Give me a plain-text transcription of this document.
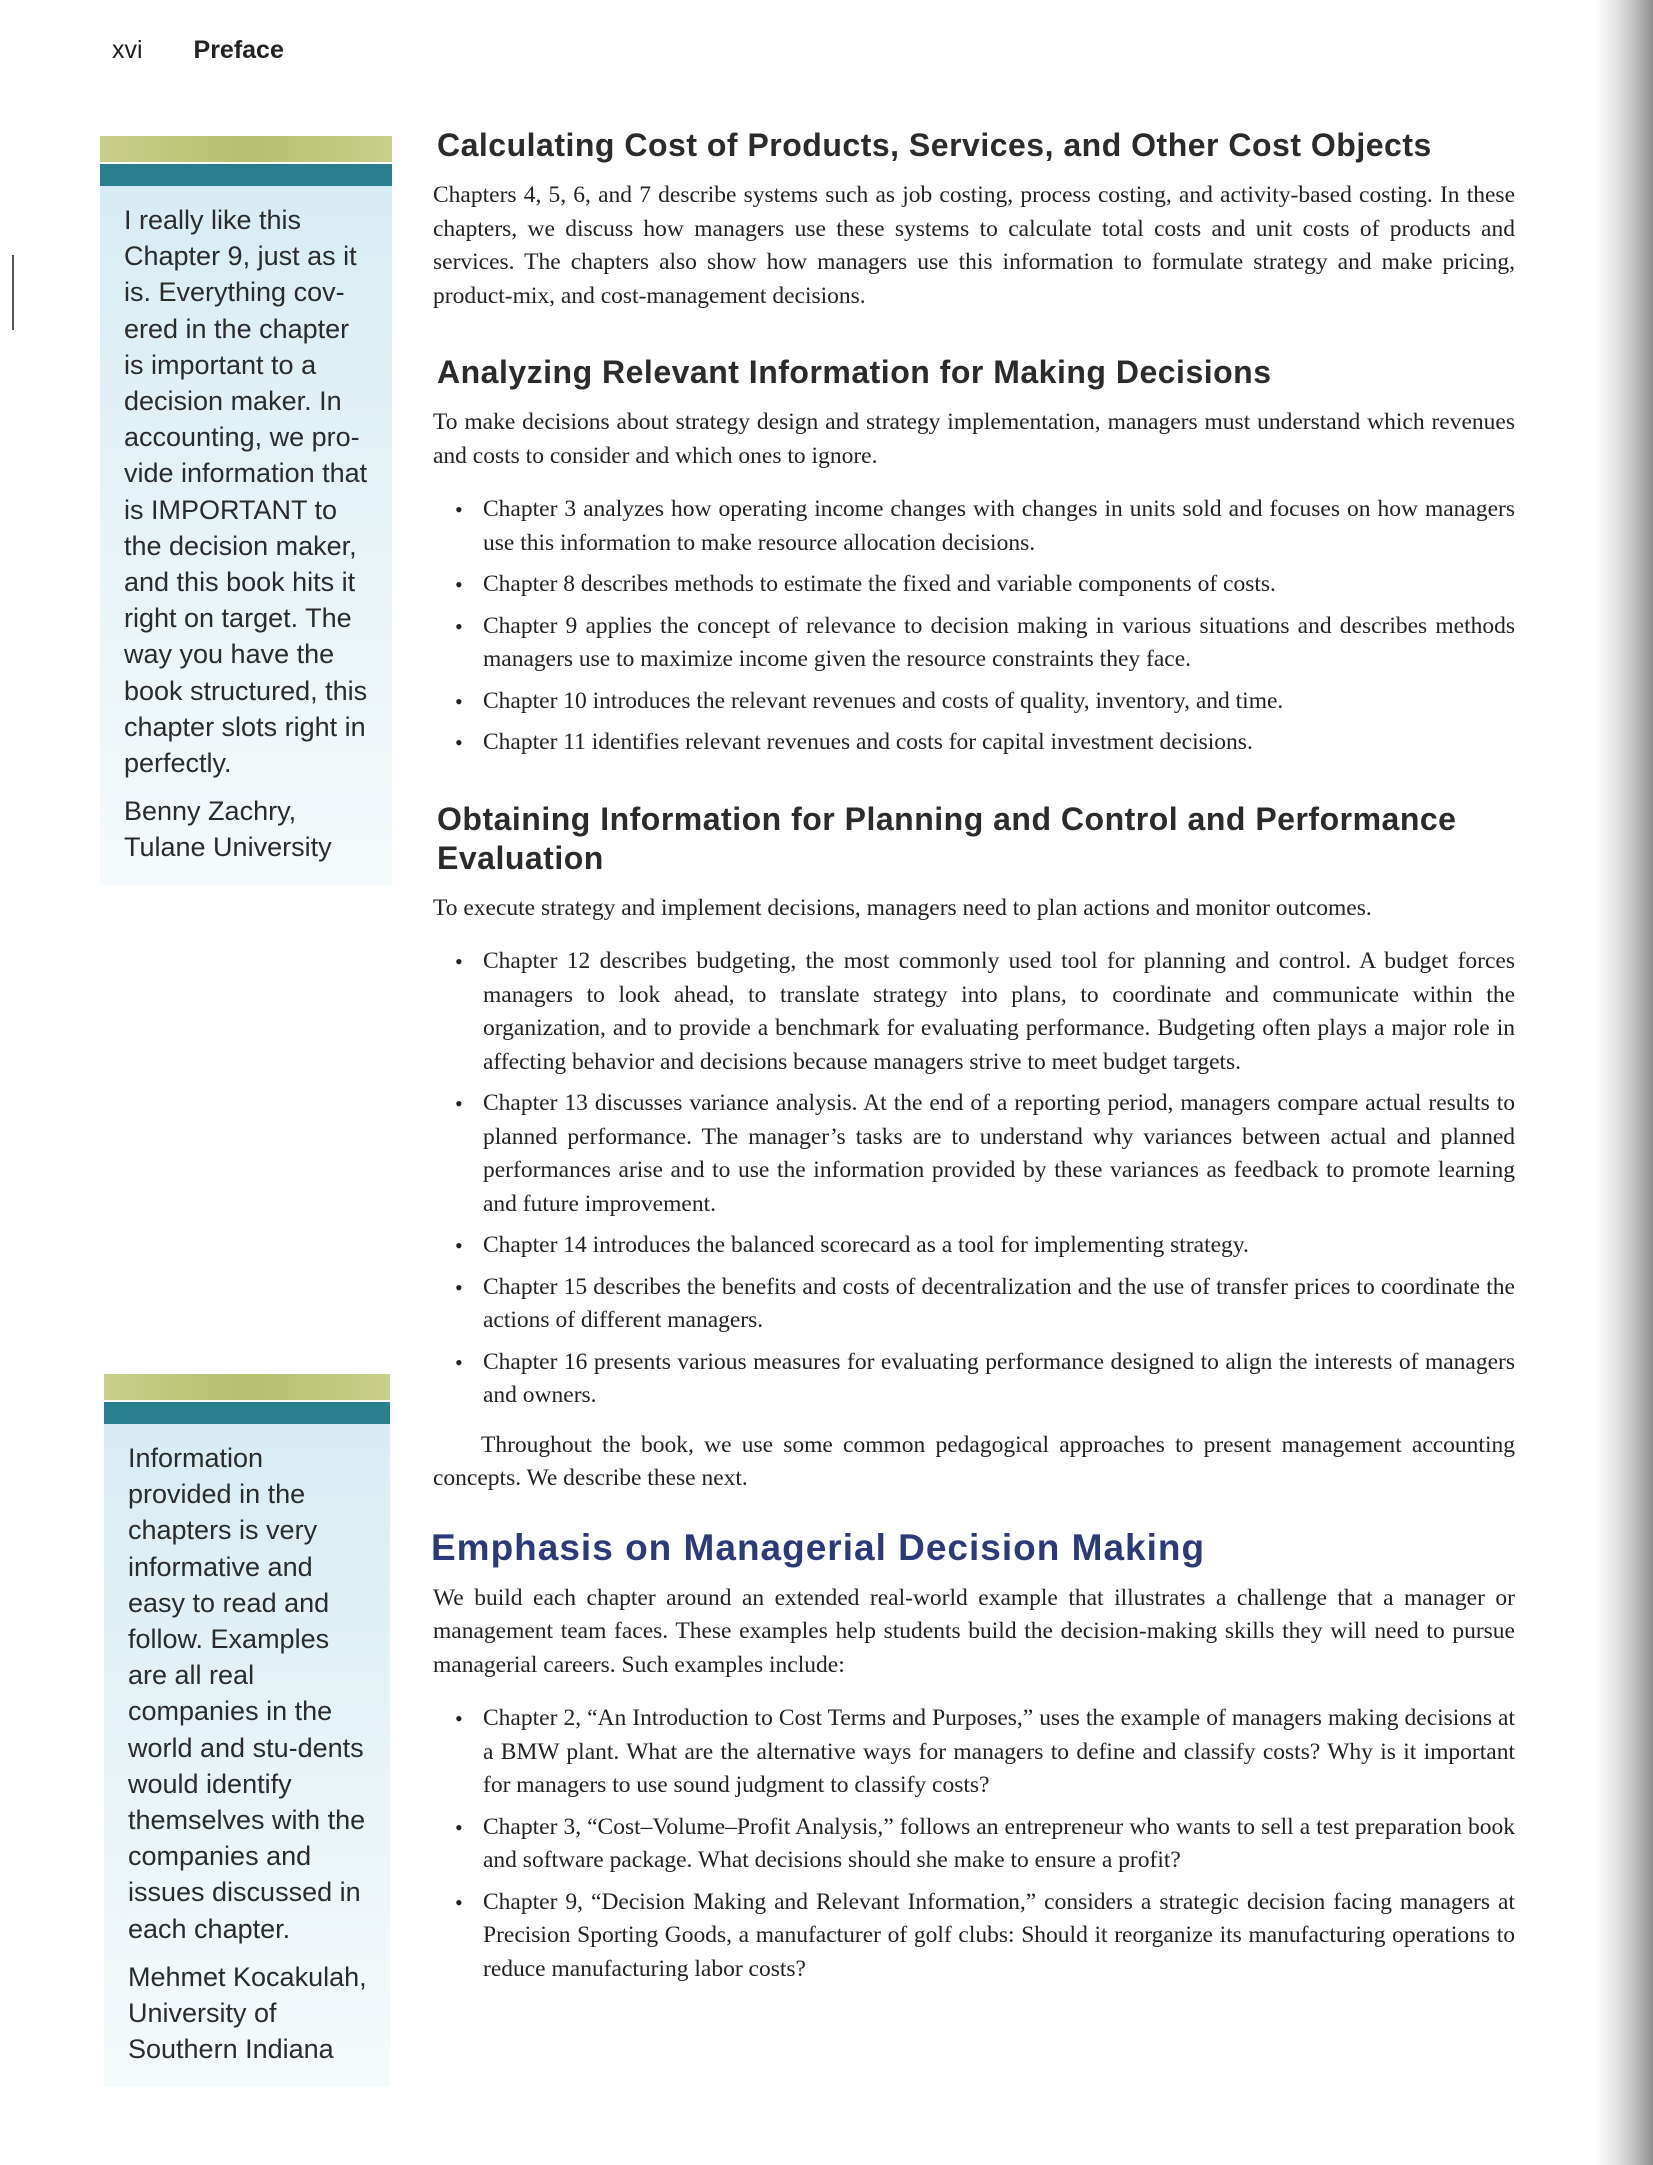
xvi Preface

I really like this Chapter 9, just as it is. Everything cov-ered in the chapter is important to a decision maker. In accounting, we pro-vide information that is IMPORTANT to the decision maker, and this book hits it right on target. The way you have the book structured, this chapter slots right in perfectly.

Benny Zachry, Tulane University

Information provided in the chapters is very informative and easy to read and follow. Examples are all real companies in the world and stu-dents would identify themselves with the companies and issues discussed in each chapter.

Mehmet Kocakulah, University of Southern Indiana

Calculating Cost of Products, Services, and Other Cost Objects

Chapters 4, 5, 6, and 7 describe systems such as job costing, process costing, and activity-based costing. In these chapters, we discuss how managers use these systems to calculate total costs and unit costs of products and services. The chapters also show how managers use this information to formulate strategy and make pricing, product-mix, and cost-management decisions.

Analyzing Relevant Information for Making Decisions

To make decisions about strategy design and strategy implementation, managers must understand which revenues and costs to consider and which ones to ignore.

• Chapter 3 analyzes how operating income changes with changes in units sold and focuses on how managers use this information to make resource allocation decisions.
• Chapter 8 describes methods to estimate the fixed and variable components of costs.
• Chapter 9 applies the concept of relevance to decision making in various situations and describes methods managers use to maximize income given the resource constraints they face.
• Chapter 10 introduces the relevant revenues and costs of quality, inventory, and time.
• Chapter 11 identifies relevant revenues and costs for capital investment decisions.
Obtaining Information for Planning and Control and Performance Evaluation

To execute strategy and implement decisions, managers need to plan actions and monitor outcomes.

• Chapter 12 describes budgeting, the most commonly used tool for planning and control. A budget forces managers to look ahead, to translate strategy into plans, to coordinate and communicate within the organization, and to provide a benchmark for evaluating performance. Budgeting often plays a major role in affecting behavior and decisions because managers strive to meet budget targets.
• Chapter 13 discusses variance analysis. At the end of a reporting period, managers compare actual results to planned performance. The manager’s tasks are to understand why variances between actual and planned performances arise and to use the information provided by these variances as feedback to promote learning and future improvement.
• Chapter 14 introduces the balanced scorecard as a tool for implementing strategy.
• Chapter 15 describes the benefits and costs of decentralization and the use of transfer prices to coordinate the actions of different managers.
• Chapter 16 presents various measures for evaluating performance designed to align the interests of managers and owners.

Throughout the book, we use some common pedagogical approaches to present management accounting concepts. We describe these next.

Emphasis on Managerial Decision Making

We build each chapter around an extended real-world example that illustrates a challenge that a manager or management team faces. These examples help students build the decision-making skills they will need to pursue managerial careers. Such examples include:

• Chapter 2, “An Introduction to Cost Terms and Purposes,” uses the example of managers making decisions at a BMW plant. What are the alternative ways for managers to define and classify costs? Why is it important for managers to use sound judgment to classify costs?
• Chapter 3, “Cost–Volume–Profit Analysis,” follows an entrepreneur who wants to sell a test preparation book and software package. What decisions should she make to ensure a profit?
• Chapter 9, “Decision Making and Relevant Information,” considers a strategic decision facing managers at Precision Sporting Goods, a manufacturer of golf clubs: Should it reorganize its manufacturing operations to reduce manufacturing labor costs?
